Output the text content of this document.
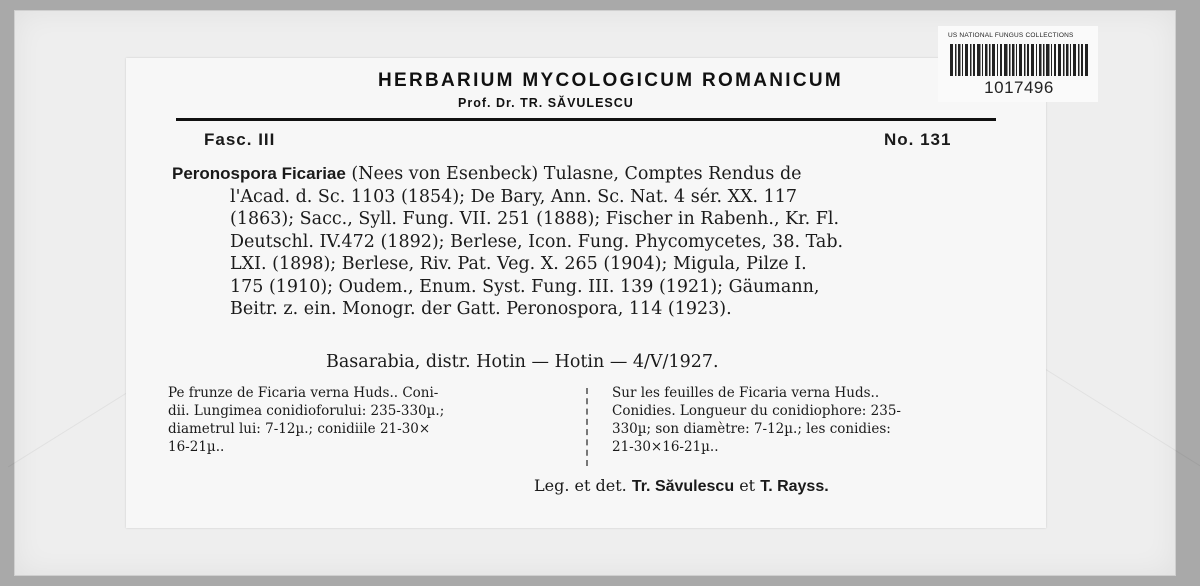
US NATIONAL FUNGUS COLLECTIONS
1017496
HERBARIUM MYCOLOGICUM ROMANICUM
Prof. Dr. TR. SĂVULESCU
Fasc. III	No. 131
Peronospora Ficariae (Nees von Esenbeck) Tulasne, Comptes Rendus de
l'Acad. d. Sc. 1103 (1854); De Bary, Ann. Sc. Nat. 4 sér. XX. 117
(1863); Sacc., Syll. Fung. VII. 251 (1888); Fischer in Rabenh., Kr. Fl.
Deutschl. IV.472 (1892); Berlese, Icon. Fung. Phycomycetes, 38. Tab.
LXI. (1898); Berlese, Riv. Pat. Veg. X. 265 (1904); Migula, Pilze I.
175 (1910); Oudem., Enum. Syst. Fung. III. 139 (1921); Gäumann,
Beitr. z. ein. Monogr. der Gatt. Peronospora, 114 (1923).
Basarabia, distr. Hotin — Hotin — 4/V/1927.
Pe frunze de Ficaria verna Huds.. Coni-
dii. Lungimea conidioforului: 235-330µ.;
diametrul lui: 7-12µ.; conidiile 21-30×
16-21µ..
Sur les feuilles de Ficaria verna Huds..
Conidies. Longueur du conidiophore: 235-
330µ; son diamètre: 7-12µ.; les conidies:
21-30×16-21µ..
Leg. et det. Tr. Săvulescu et T. Rayss.
